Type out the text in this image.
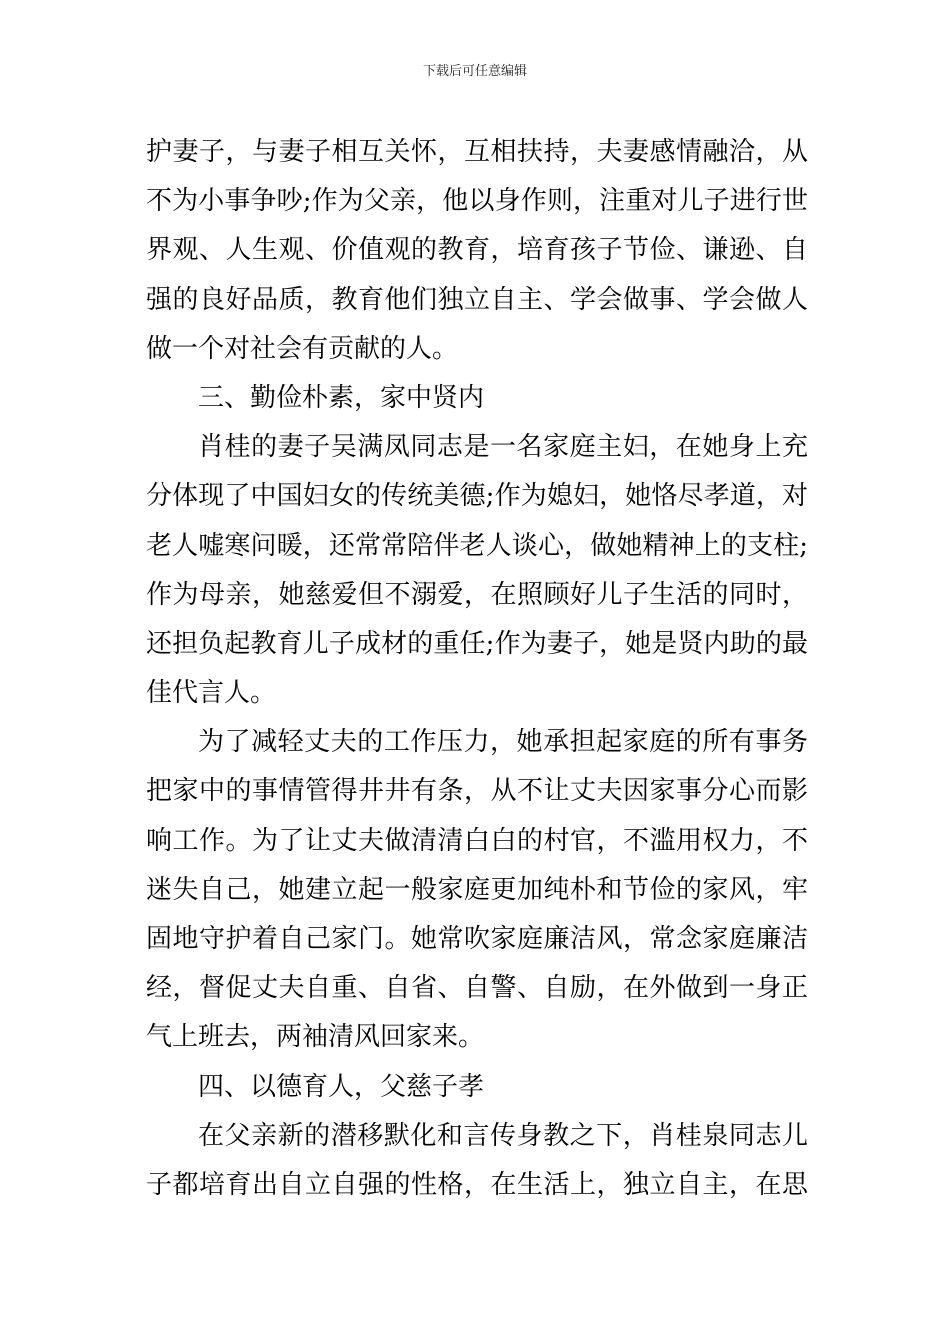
下载后可任意编辑
护妻子，与妻子相互关怀，互相扶持，夫妻感情融洽，从
不为小事争吵;作为父亲，他以身作则，注重对儿子进行世
界观、人生观、价值观的教育，培育孩子节俭、谦逊、自
强的良好品质，教育他们独立自主、学会做事、学会做人
做一个对社会有贡献的人。
三、勤俭朴素，家中贤内
肖桂的妻子吴满凤同志是一名家庭主妇，在她身上充
分体现了中国妇女的传统美德;作为媳妇，她恪尽孝道，对
老人嘘寒问暖，还常常陪伴老人谈心，做她精神上的支柱;
作为母亲，她慈爱但不溺爱，在照顾好儿子生活的同时，
还担负起教育儿子成材的重任;作为妻子，她是贤内助的最
佳代言人。
为了减轻丈夫的工作压力，她承担起家庭的所有事务
把家中的事情管得井井有条，从不让丈夫因家事分心而影
响工作。为了让丈夫做清清白白的村官，不滥用权力，不
迷失自己，她建立起一般家庭更加纯朴和节俭的家风，牢
固地守护着自己家门。她常吹家庭廉洁风，常念家庭廉洁
经，督促丈夫自重、自省、自警、自励，在外做到一身正
气上班去，两袖清风回家来。
四、以德育人，父慈子孝
在父亲新的潜移默化和言传身教之下，肖桂泉同志儿
子都培育出自立自强的性格，在生活上，独立自主，在思
